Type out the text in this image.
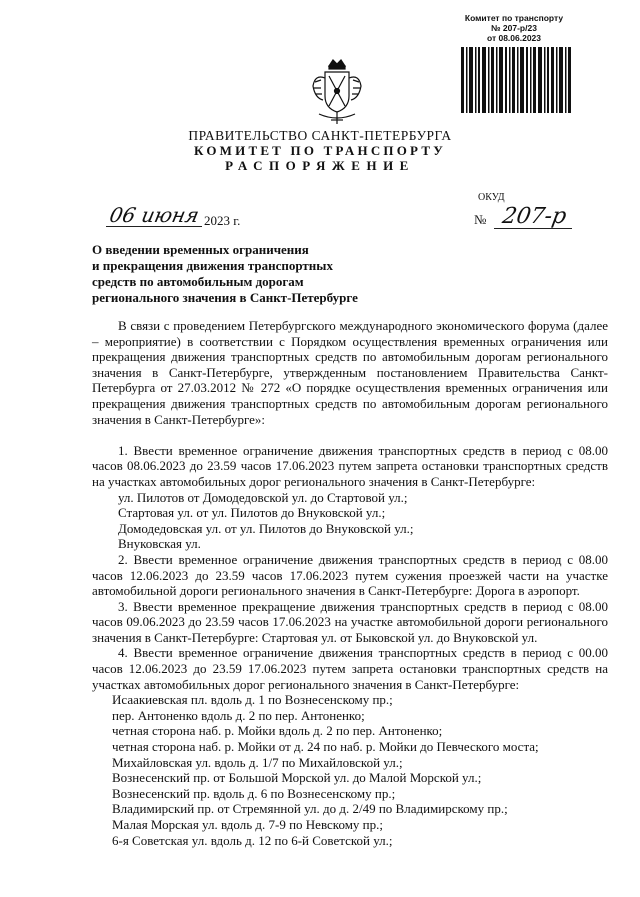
Комитет по транспорту
№ 207-р/23
от 08.06.2023
ПРАВИТЕЛЬСТВО САНКТ-ПЕТЕРБУРГА
КОМИТЕТ ПО ТРАНСПОРТУ
РАСПОРЯЖЕНИЕ
ОКУД
06 июня 2023 г.	№ 207-р
О введении временных ограничения
и прекращения движения транспортных
средств по автомобильным дорогам
регионального значения в Санкт-Петербурге

В связи с проведением Петербургского международного экономического форума (далее – мероприятие) в соответствии с Порядком осуществления временных ограничения или прекращения движения транспортных средств по автомобильным дорогам регионального значения в Санкт-Петербурге, утвержденным постановлением Правительства Санкт-Петербурга от 27.03.2012 № 272 «О порядке осуществления временных ограничения или прекращения движения транспортных средств по автомобильным дорогам регионального значения в Санкт-Петербурге»:

1. Ввести временное ограничение движения транспортных средств в период с 08.00 часов 08.06.2023 до 23.59 часов 17.06.2023 путем запрета остановки транспортных средств на участках автомобильных дорог регионального значения в Санкт-Петербурге:

ул. Пилотов от Домодедовской ул. до Стартовой ул.;

Стартовая ул. от ул. Пилотов до Внуковской ул.;

Домодедовская ул. от ул. Пилотов до Внуковской ул.;

Внуковская ул.

2. Ввести временное ограничение движения транспортных средств в период с 08.00 часов 12.06.2023 до 23.59 часов 17.06.2023 путем сужения проезжей части на участке автомобильной дороги регионального значения в Санкт-Петербурге: Дорога в аэропорт.

3. Ввести временное прекращение движения транспортных средств в период с 08.00 часов 09.06.2023 до 23.59 часов 17.06.2023 на участке автомобильной дороги регионального значения в Санкт-Петербурге: Стартовая ул. от Быковской ул. до Внуковской ул.

4. Ввести временное ограничение движения транспортных средств в период с 00.00 часов 12.06.2023 до 23.59 17.06.2023 путем запрета остановки транспортных средств на участках автомобильных дорог регионального значения в Санкт-Петербурге:

Исаакиевская пл. вдоль д. 1 по Вознесенскому пр.;

пер. Антоненко вдоль д. 2 по пер. Антоненко;

четная сторона наб. р. Мойки вдоль д. 2 по пер. Антоненко;

четная сторона наб. р. Мойки от д. 24 по наб. р. Мойки до Певческого моста;

Михайловская ул. вдоль д. 1/7 по Михайловской ул.;

Вознесенский пр. от Большой Морской ул. до Малой Морской ул.;

Вознесенский пр. вдоль д. 6 по Вознесенскому пр.;

Владимирский пр. от Стремянной ул. до д. 2/49 по Владимирскому пр.;

Малая Морская ул. вдоль д. 7-9 по Невскому пр.;

6-я Советская ул. вдоль д. 12 по 6-й Советской ул.;
